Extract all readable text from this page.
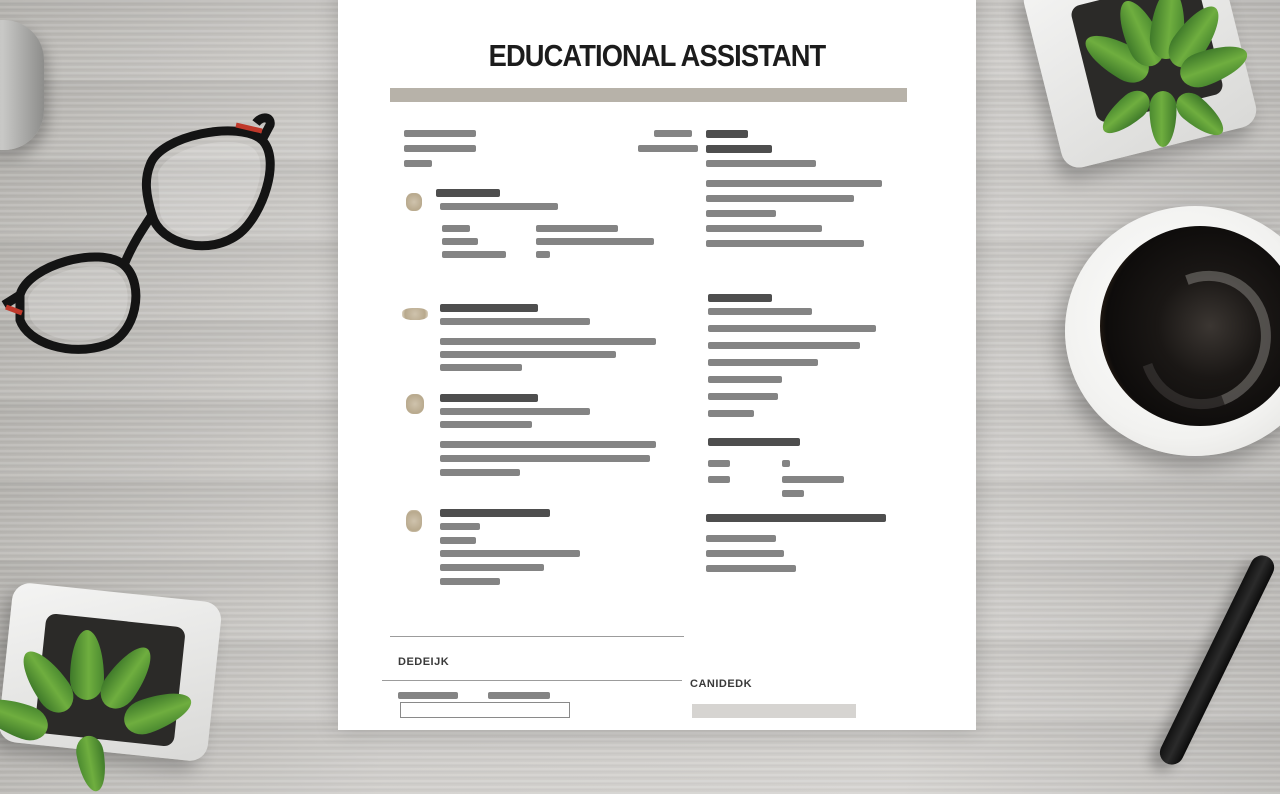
EDUCATIONAL ASSISTANT
DEDEIJK
CANIDEDK
